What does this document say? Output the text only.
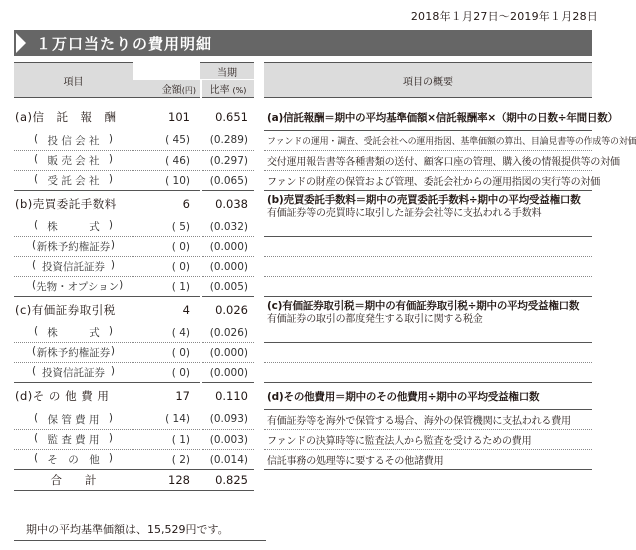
2018年１月27日～2019年１月28日
１万口当たりの費用明細
項目		当期			項目の概要
	金額(円)		比率 (%)		

(a)信　託　報　酬	101		0.651		(a)信託報酬＝期中の平均基準価額×信託報酬率×（期中の日数÷年間日数）

( 投 信 会 社 )	( 45)		(0.289)		ファンドの運用・調査、受託会社への運用指図、基準価額の算出、目論見書等の作成等の対価

( 販 売 会 社 )	( 46)		(0.297)		交付運用報告書等各種書類の送付、顧客口座の管理、購入後の情報提供等の対価

( 受 託 会 社 )	( 10)		(0.065)		ファンドの財産の保管および管理、委託会社からの運用指図の実行等の対価
(b)売買委託手数料	6		0.038		(b)売買委託手数料＝期中の売買委託手数料÷期中の平均受益権口数
有価証券等の売買時に取引した証券会社等に支払われる手数料

( 株　　　式 )	( 5)		(0.032)		

( 新株予約権証券 )	( 0)		(0.000)		

( 投資信託証券 )	( 0)		(0.000)		

( 先物・オプション )	( 1)		(0.005)		
(c)有価証券取引税	4		0.026		(c)有価証券取引税＝期中の有価証券取引税÷期中の平均受益権口数
有価証券の取引の都度発生する取引に関する税金

( 株　　　式 )	( 4)		(0.026)		

( 新株予約権証券 )	( 0)		(0.000)		

( 投資信託証券 )	( 0)		(0.000)		
(d)そ の 他 費 用	17		0.110		(d)その他費用＝期中のその他費用÷期中の平均受益権口数

( 保 管 費 用 )	( 14)		(0.093)		有価証券等を海外で保管する場合、海外の保管機関に支払われる費用

( 監 査 費 用 )	( 1)		(0.003)		ファンドの決算時等に監査法人から監査を受けるための費用

( そ　の　他 )	( 2)		(0.014)		信託事務の処理等に要するその他諸費用
合　　計	128		0.825		
期中の平均基準価額は、15,529円です。
